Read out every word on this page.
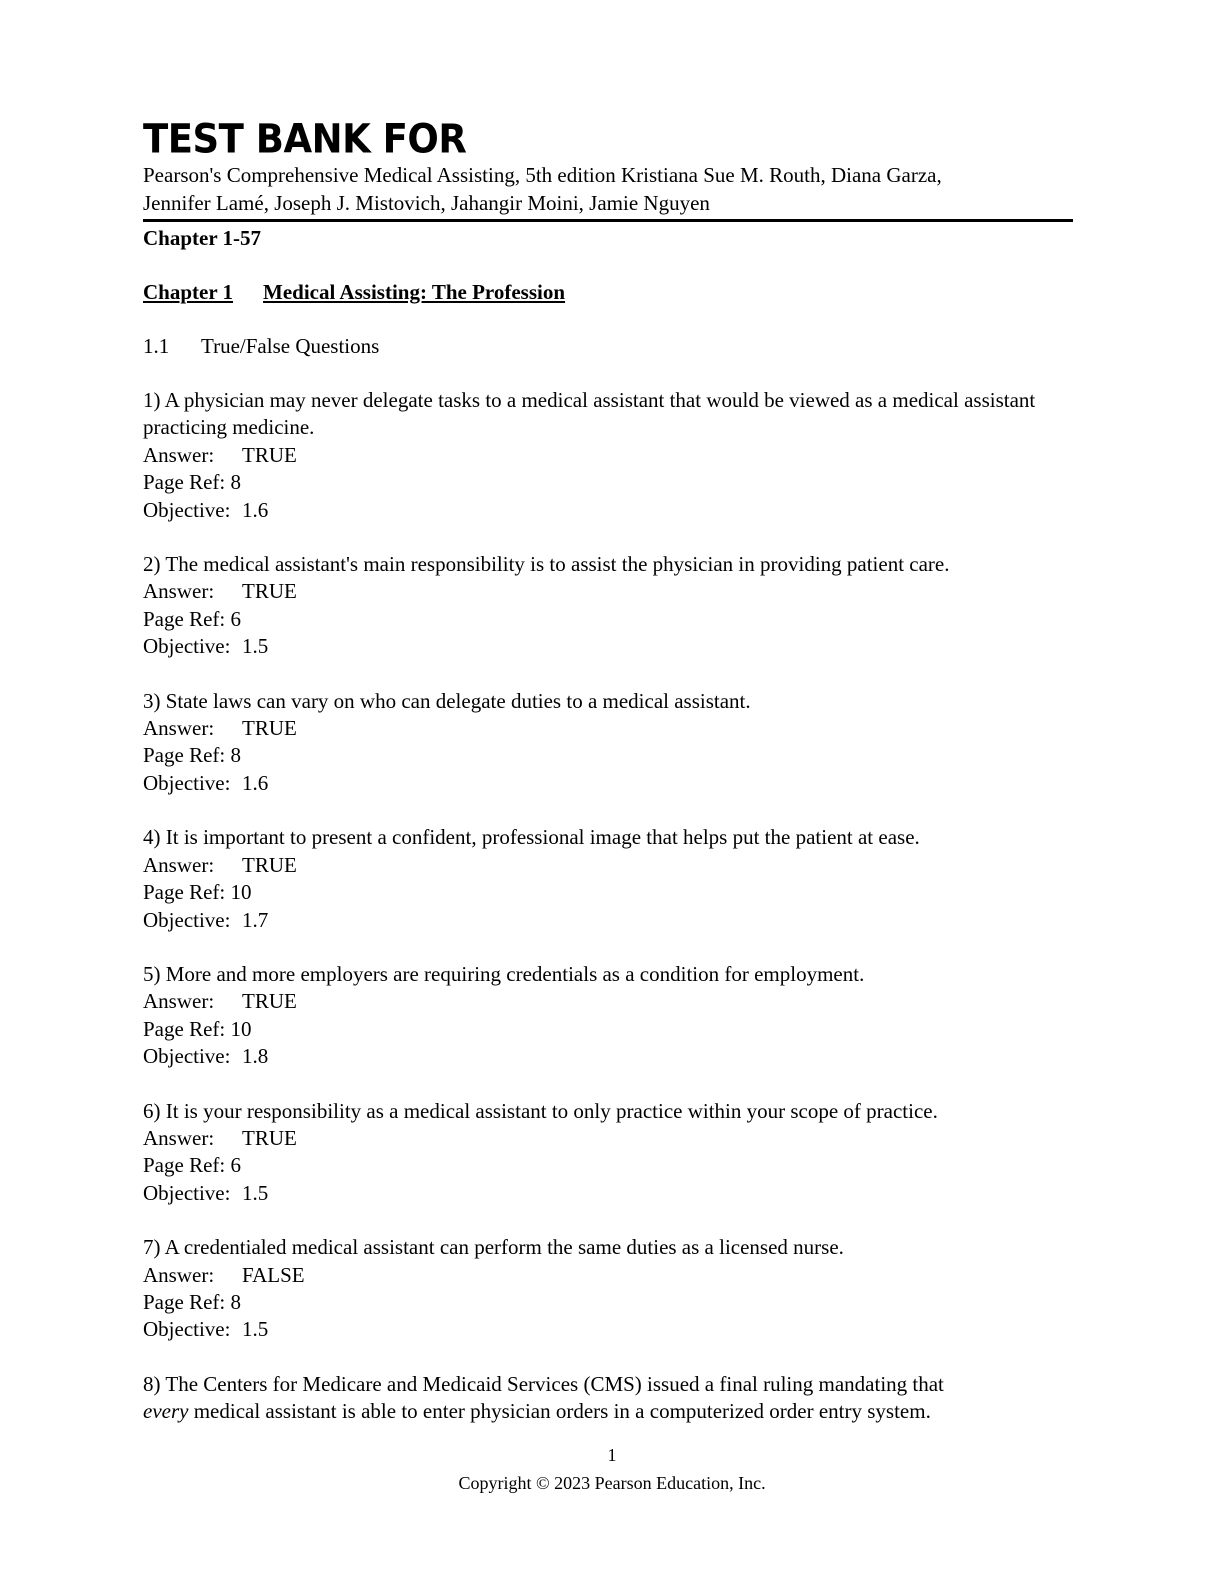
TEST BANK FOR
Pearson's Comprehensive Medical Assisting, 5th edition Kristiana Sue M. Routh, Diana Garza,
Jennifer Lamé, Joseph J. Mistovich, Jahangir Moini, Jamie Nguyen
Chapter 1-57
Chapter 1 Medical Assisting: The Profession
1.1 True/False Questions
1) A physician may never delegate tasks to a medical assistant that would be viewed as a medical assistant practicing medicine.
Answer: TRUE
Page Ref: 8
Objective: 1.6
2) The medical assistant's main responsibility is to assist the physician in providing patient care.
Answer: TRUE
Page Ref: 6
Objective: 1.5
3) State laws can vary on who can delegate duties to a medical assistant.
Answer: TRUE
Page Ref: 8
Objective: 1.6
4) It is important to present a confident, professional image that helps put the patient at ease.
Answer: TRUE
Page Ref: 10
Objective: 1.7
5) More and more employers are requiring credentials as a condition for employment.
Answer: TRUE
Page Ref: 10
Objective: 1.8
6) It is your responsibility as a medical assistant to only practice within your scope of practice.
Answer: TRUE
Page Ref: 6
Objective: 1.5
7) A credentialed medical assistant can perform the same duties as a licensed nurse.
Answer: FALSE
Page Ref: 8
Objective: 1.5
8) The Centers for Medicare and Medicaid Services (CMS) issued a final ruling mandating that
every medical assistant is able to enter physician orders in a computerized order entry system.
1
Copyright © 2023 Pearson Education, Inc.
